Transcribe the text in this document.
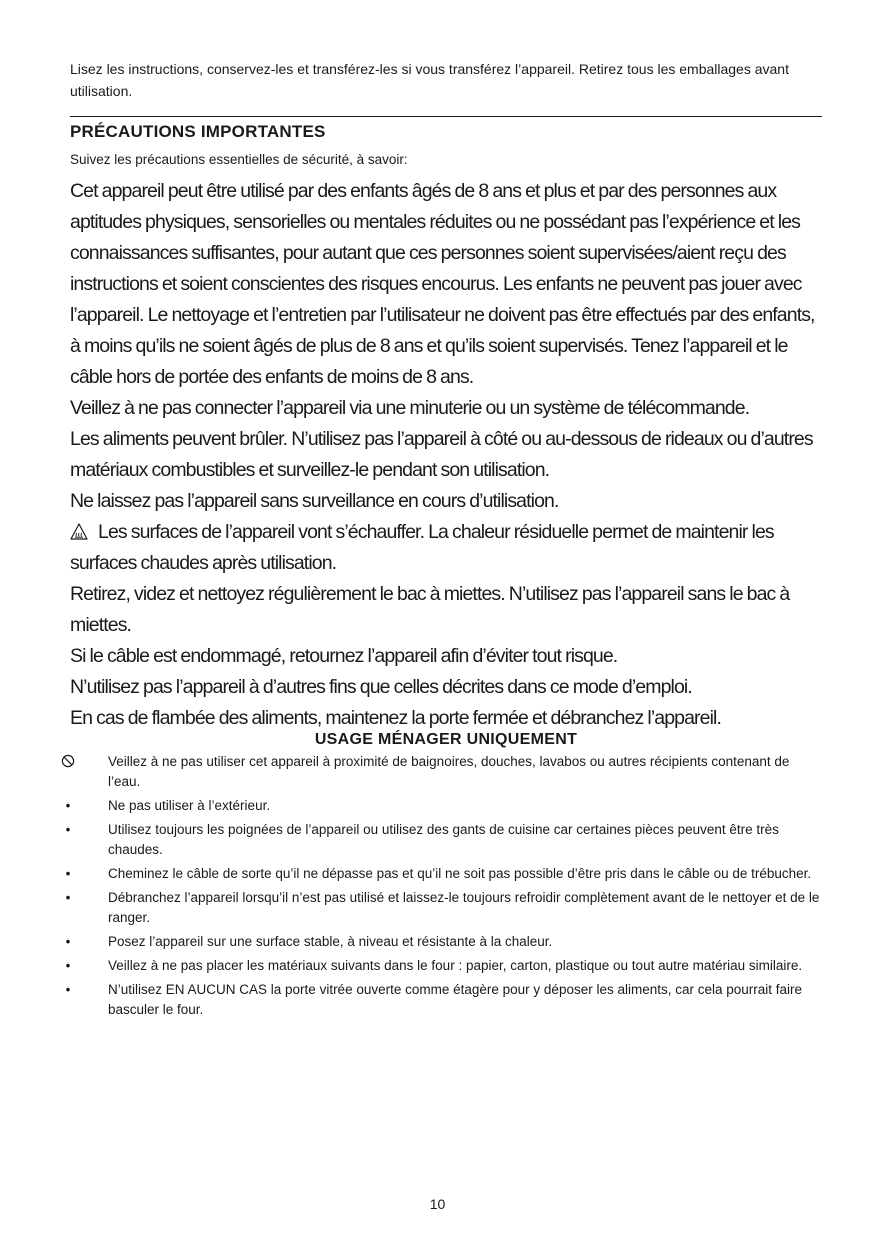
Lisez les instructions, conservez-les et transférez-les si vous transférez l’appareil. Retirez tous les emballages avant utilisation.

PRÉCAUTIONS IMPORTANTES

Suivez les précautions essentielles de sécurité, à savoir:

Cet appareil peut être utilisé par des enfants âgés de 8 ans et plus et par des personnes aux aptitudes physiques, sensorielles ou mentales réduites ou ne possédant pas l’expérience et les connaissances suffisantes, pour autant que ces personnes soient supervisées/aient reçu des instructions et soient conscientes des risques encourus. Les enfants ne peuvent pas jouer avec l’appareil. Le nettoyage et l’entretien par l’utilisateur ne doivent pas être effectués par des enfants, à moins qu’ils ne soient âgés de plus de 8 ans et qu’ils soient supervisés. Tenez l’appareil et le câble hors de portée des enfants de moins de 8 ans.

Veillez à ne pas connecter l’appareil via une minuterie ou un système de télécommande.

Les aliments peuvent brûler. N’utilisez pas l’appareil à côté ou au-dessous de rideaux ou d’autres matériaux combustibles et surveillez-le pendant son utilisation.

Ne laissez pas l’appareil sans surveillance en cours d’utilisation.

Les surfaces de l’appareil vont s’échauffer. La chaleur résiduelle permet de maintenir les surfaces chaudes après utilisation.

Retirez, videz et nettoyez régulièrement le bac à miettes. N’utilisez pas l’appareil sans le bac à miettes.

Si le câble est endommagé, retournez l’appareil afin d’éviter tout risque.

N’utilisez pas l’appareil à d’autres fins que celles décrites dans ce mode d’emploi.

En cas de flambée des aliments, maintenez la porte fermée et débranchez l’appareil.

USAGE MÉNAGER UNIQUEMENT
Veillez à ne pas utiliser cet appareil à proximité de baignoires, douches, lavabos ou autres récipients contenant de l’eau.
•	Ne pas utiliser à l’extérieur.
•	Utilisez toujours les poignées de l’appareil ou utilisez des gants de cuisine car certaines pièces peuvent être très chaudes.
•	Cheminez le câble de sorte qu’il ne dépasse pas et qu’il ne soit pas possible d’être pris dans le câble ou de trébucher.
•	Débranchez l’appareil lorsqu’il n’est pas utilisé et laissez-le toujours refroidir complètement avant de le nettoyer et de le ranger.
•	Posez l’appareil sur une surface stable, à niveau et résistante à la chaleur.
•	Veillez à ne pas placer les matériaux suivants dans le four : papier, carton, plastique ou tout autre matériau similaire.
•	N’utilisez EN AUCUN CAS la porte vitrée ouverte comme étagère pour y déposer les aliments, car cela pourrait faire basculer le four.
10
